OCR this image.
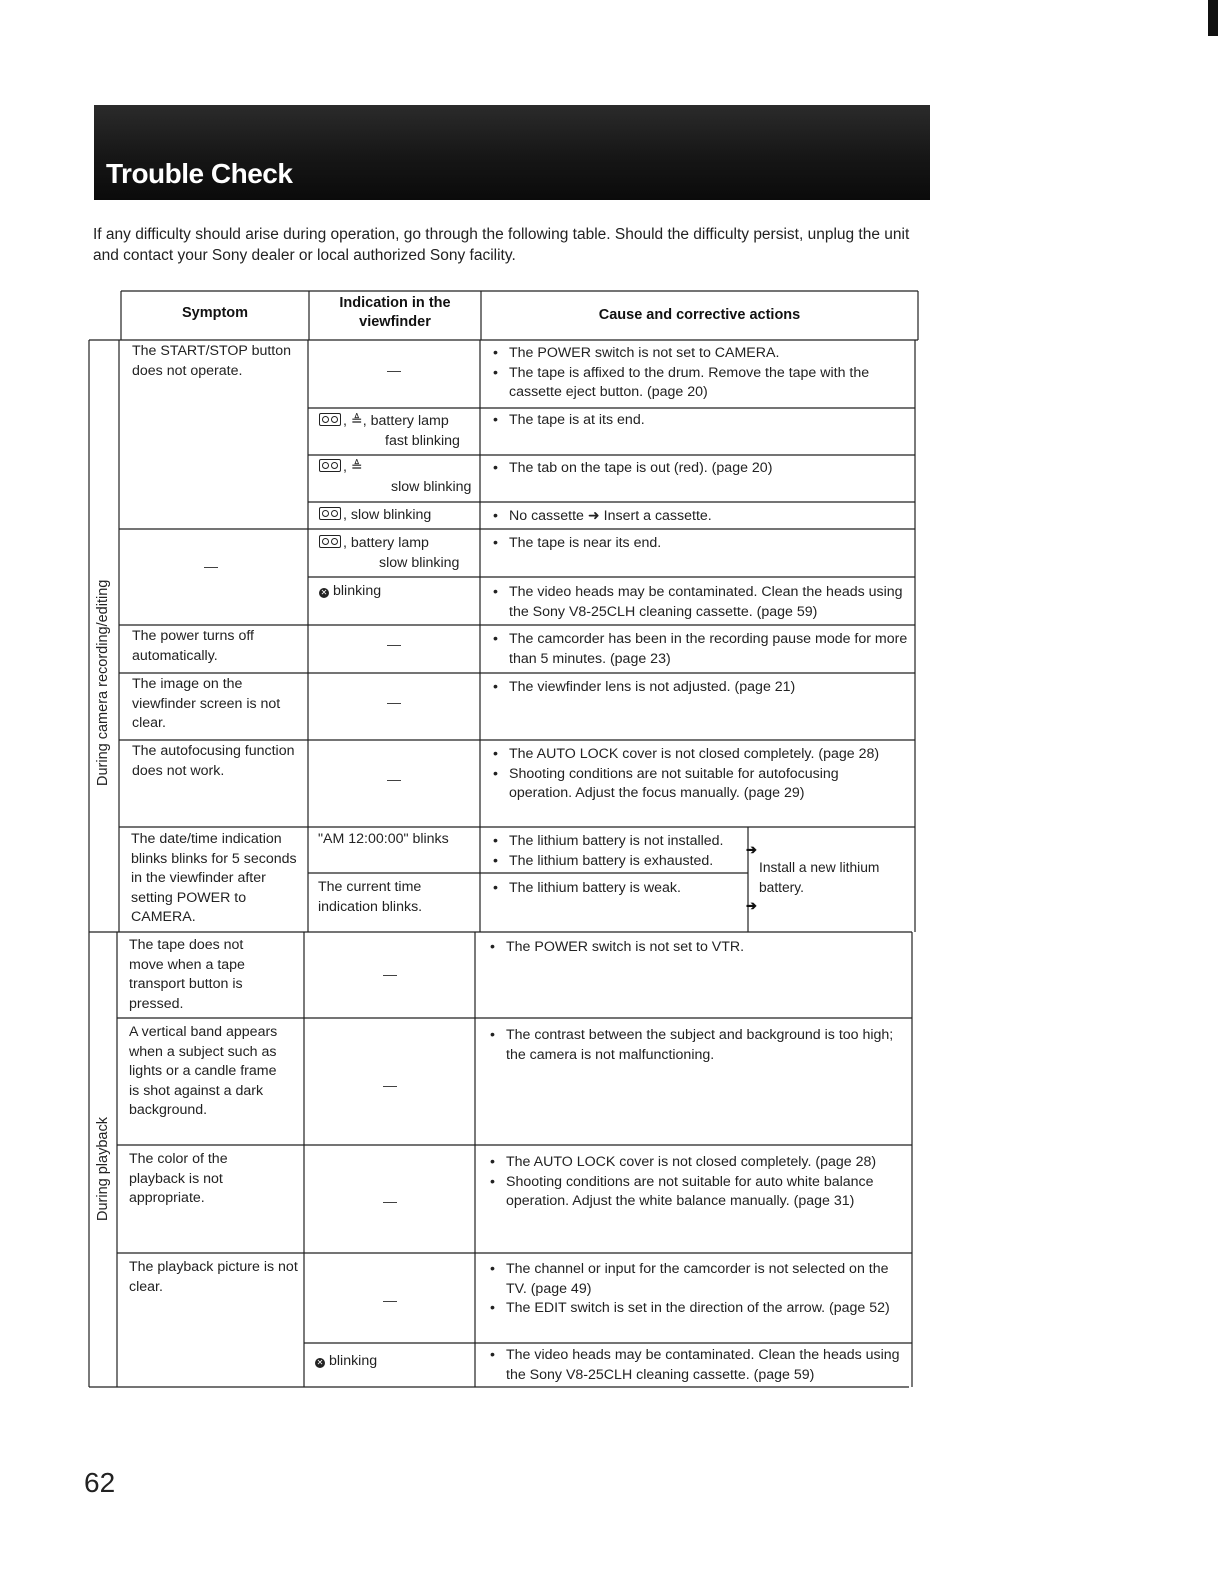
Trouble Check
If any difficulty should arise during operation, go through the following table. Should the difficulty persist, unplug the unit and contact your Sony dealer or local authorized Sony facility.
Symptom
Indication in the viewfinder	Cause and corrective actions
During camera recording/editing
During playback
The START/STOP button does not operate.
—
The power turns off automatically.
The image on the viewfinder screen is not clear.
The autofocusing function does not work.
The date/time indication blinks blinks for 5 seconds in the viewfinder after setting POWER to CAMERA.
—
, ≜, battery lamp
fast blinking
, ≜
slow blinking
, slow blinking
, battery lamp
slow blinking
✕ blinking
—
—
—
"AM 12:00:00" blinks
The current time indication blinks.
• The POWER switch is not set to CAMERA.
• The tape is affixed to the drum. Remove the tape with the cassette eject button. (page 20)
• The tape is at its end.
• The tab on the tape is out (red). (page 20)
• No cassette ➜ Insert a cassette.
• The tape is near its end.
• The video heads may be contaminated. Clean the heads using the Sony V8-25CLH cleaning cassette. (page 59)
• The camcorder has been in the recording pause mode for more than 5 minutes. (page 23)
• The viewfinder lens is not adjusted. (page 21)
• The AUTO LOCK cover is not closed completely. (page 28)
• Shooting conditions are not suitable for autofocusing operation. Adjust the focus manually. (page 29)
• The lithium battery is not installed.
• The lithium battery is exhausted.
• The lithium battery is weak.
➔
➔
Install a new lithium battery.
The tape does not move when a tape transport button is pressed.
A vertical band appears when a subject such as lights or a candle frame is shot against a dark background.
The color of the playback is not appropriate.
The playback picture is not clear.
—
—
—
—
✕ blinking
• The POWER switch is not set to VTR.
• The contrast between the subject and background is too high; the camera is not malfunctioning.
• The AUTO LOCK cover is not closed completely. (page 28)
• Shooting conditions are not suitable for auto white balance operation. Adjust the white balance manually. (page 31)
• The channel or input for the camcorder is not selected on the TV. (page 49)
• The EDIT switch is set in the direction of the arrow. (page 52)
• The video heads may be contaminated. Clean the heads using the Sony V8-25CLH cleaning cassette. (page 59)
62
